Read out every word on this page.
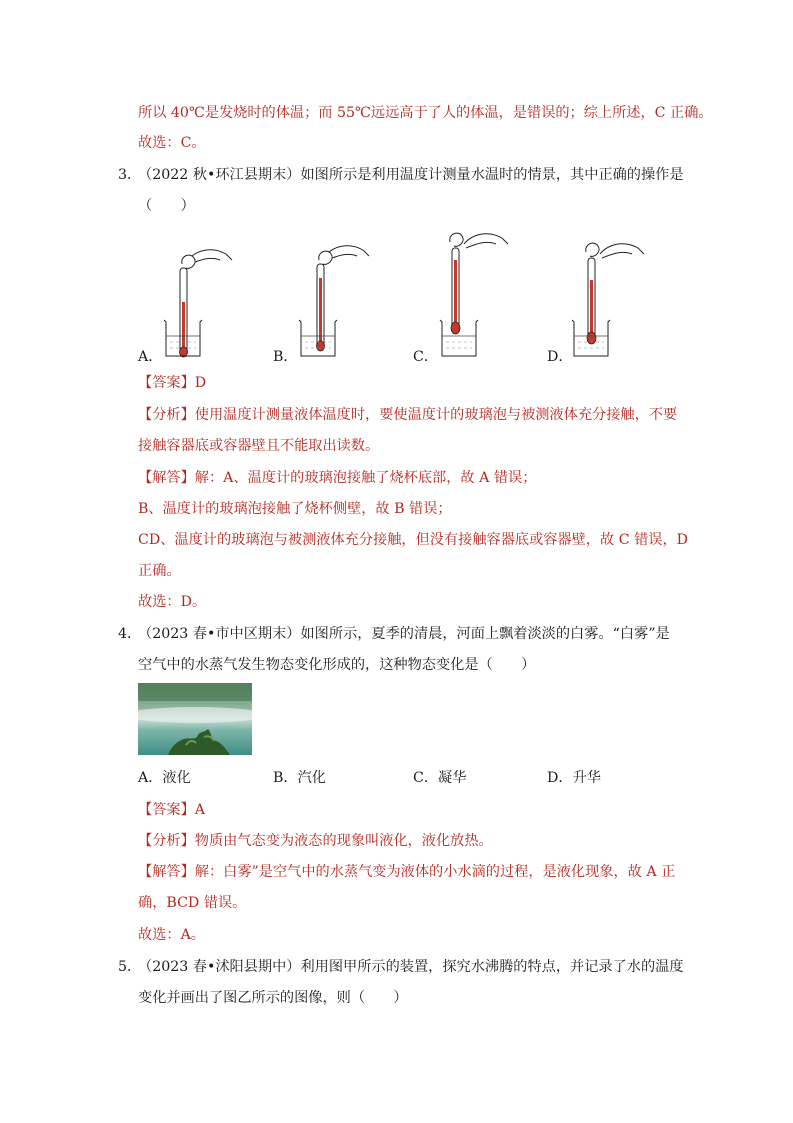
所以 40℃是发烧时的体温；而 55℃远远高于了人的体温，是错误的；综上所述，C 正确。
故选：C。
3．
（2022 秋•环江县期末）如图所示是利用温度计测量水温时的情景，其中正确的操作是
（　　）
A．	B．	C．	D．
【答案】D
【分析】使用温度计测量液体温度时，要使温度计的玻璃泡与被测液体充分接触，不要
接触容器底或容器壁且不能取出读数。
【解答】解：A、温度计的玻璃泡接触了烧杯底部，故 A 错误；
B、温度计的玻璃泡接触了烧杯侧壁，故 B 错误；
CD、温度计的玻璃泡与被测液体充分接触，但没有接触容器底或容器壁，故 C 错误，D
正确。
故选：D。
4．
（2023 春•市中区期末）如图所示，夏季的清晨，河面上飘着淡淡的白雾。“白雾”是
空气中的水蒸气发生物态变化形成的，这种物态变化是（　　）
A．液化	B．汽化	C．凝华	D．升华
【答案】A
【分析】物质由气态变为液态的现象叫液化，液化放热。
【解答】解：白雾”是空气中的水蒸气变为液体的小水滴的过程，是液化现象，故 A 正
确，BCD 错误。
故选：A。
5．
（2023 春•沭阳县期中）利用图甲所示的装置，探究水沸腾的特点，并记录了水的温度
变化并画出了图乙所示的图像，则（　　）
